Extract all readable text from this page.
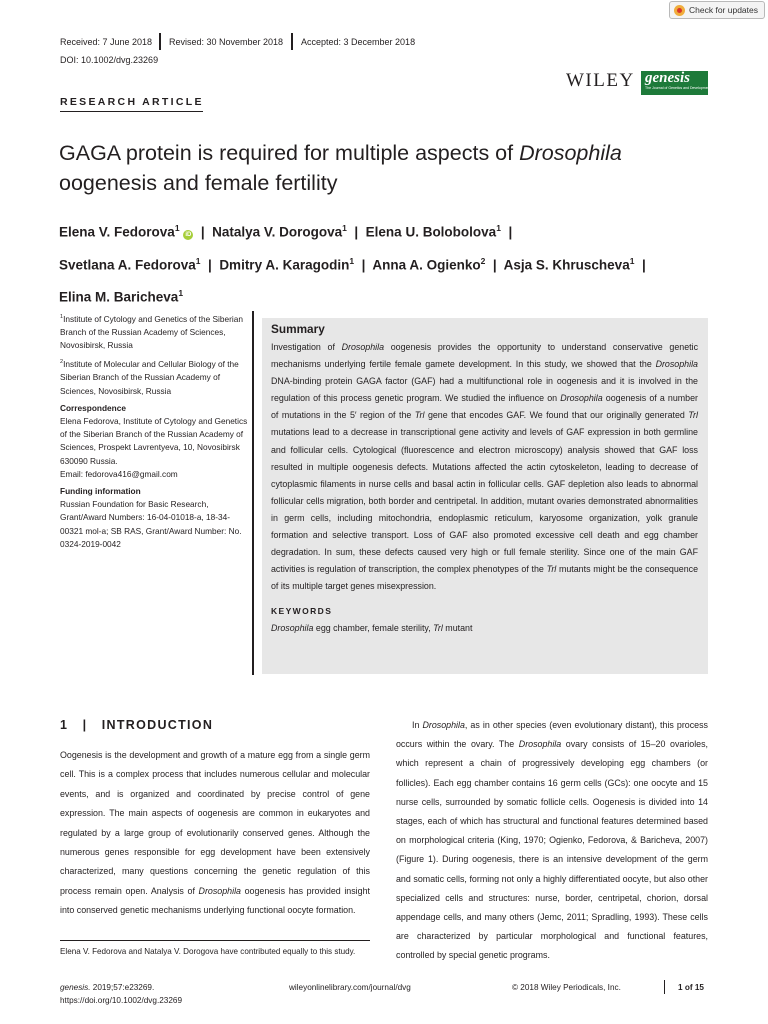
Check for updates
Received: 7 June 2018 Revised: 30 November 2018 Accepted: 3 December 2018
DOI: 10.1002/dvg.23269
WILEY genesis
The Journal of Genetics and Development
RESEARCH ARTICLE
GAGA protein is required for multiple aspects of Drosophila oogenesis and female fertility
Elena V. Fedorova$^1$ iD  |  Natalya V. Dorogova$^1$  |  Elena U. Bolobolova$^1$  |
Svetlana A. Fedorova$^1$  |  Dmitry A. Karagodin$^1$  |  Anna A. Ogienko$^2$  |  Asja S. Khruscheva$^1$  |
Elina M. Baricheva$^1$

$^1$Institute of Cytology and Genetics of the Siberian Branch of the Russian Academy of Sciences, Novosibirsk, Russia

$^2$Institute of Molecular and Cellular Biology of the Siberian Branch of the Russian Academy of Sciences, Novosibirsk, Russia

Correspondence
Elena Fedorova, Institute of Cytology and Genetics of the Siberian Branch of the Russian Academy of Sciences, Prospekt Lavrentyeva, 10, Novosibirsk 630090 Russia.
Email: fedorova416@gmail.com

Funding information
Russian Foundation for Basic Research, Grant/Award Numbers: 16-04-01018-a, 18-34-00321 mol-a; SB RAS, Grant/Award Number: No. 0324-2019-0042

Summary

Investigation of Drosophila oogenesis provides the opportunity to understand conservative genetic mechanisms underlying fertile female gamete development. In this study, we showed that the Drosophila DNA-binding protein GAGA factor (GAF) had a multifunctional role in oogenesis and it is involved in the regulation of this process genetic program. We studied the influence on Drosophila oogenesis of a number of mutations in the 5′ region of the Trl gene that encodes GAF. We found that our originally generated Trl mutations lead to a decrease in transcriptional gene activity and levels of GAF expression in both germline and follicular cells. Cytological (fluorescence and electron microscopy) analysis showed that GAF loss resulted in multiple oogenesis defects. Mutations affected the actin cytoskeleton, leading to decrease of cytoplasmic filaments in nurse cells and basal actin in follicular cells. GAF depletion also leads to abnormal follicular cells migration, both border and centripetal. In addition, mutant ovaries demonstrated abnormalities in germ cells, including mitochondria, endoplasmic reticulum, karyosome organization, yolk granule formation and selective transport. Loss of GAF also promoted excessive cell death and egg chamber degradation. In sum, these defects caused very high or full female sterility. Since one of the main GAF activities is regulation of transcription, the complex phenotypes of the Trl mutants might be the consequence of its multiple target genes misexpression.

KEYWORDS

Drosophila egg chamber, female sterility, Trl mutant

1 | INTRODUCTION

Oogenesis is the development and growth of a mature egg from a single germ cell. This is a complex process that includes numerous cellular and molecular events, and is organized and coordinated by precise control of gene expression. The main aspects of oogenesis are common in eukaryotes and regulated by a large group of evolutionarily conserved genes. Although the numerous genes responsible for egg development have been extensively characterized, many questions concerning the genetic regulation of this process remain open. Analysis of Drosophila oogenesis has provided insight into conserved genetic mechanisms underlying functional oocyte formation.

In Drosophila, as in other species (even evolutionary distant), this process occurs within the ovary. The Drosophila ovary consists of 15–20 ovarioles, which represent a chain of progressively developing egg chambers (or follicles). Each egg chamber contains 16 germ cells (GCs): one oocyte and 15 nurse cells, surrounded by somatic follicle cells. Oogenesis is divided into 14 stages, each of which has structural and functional features determined based on morphological criteria (King, 1970; Ogienko, Fedorova, & Baricheva, 2007) (Figure 1). During oogenesis, there is an intensive development of the germ and somatic cells, forming not only a highly differentiated oocyte, but also other specialized cells and structures: nurse, border, centripetal, chorion, dorsal appendage cells, and many others (Jemc, 2011; Spradling, 1993). These cells are characterized by particular morphological and functional features, controlled by special genetic programs.

Elena V. Fedorova and Natalya V. Dorogova have contributed equally to this study.
genesis. 2019;57:e23269.
https://doi.org/10.1002/dvg.23269
wileyonlinelibrary.com/journal/dvg	© 2018 Wiley Periodicals, Inc.	1 of 15
